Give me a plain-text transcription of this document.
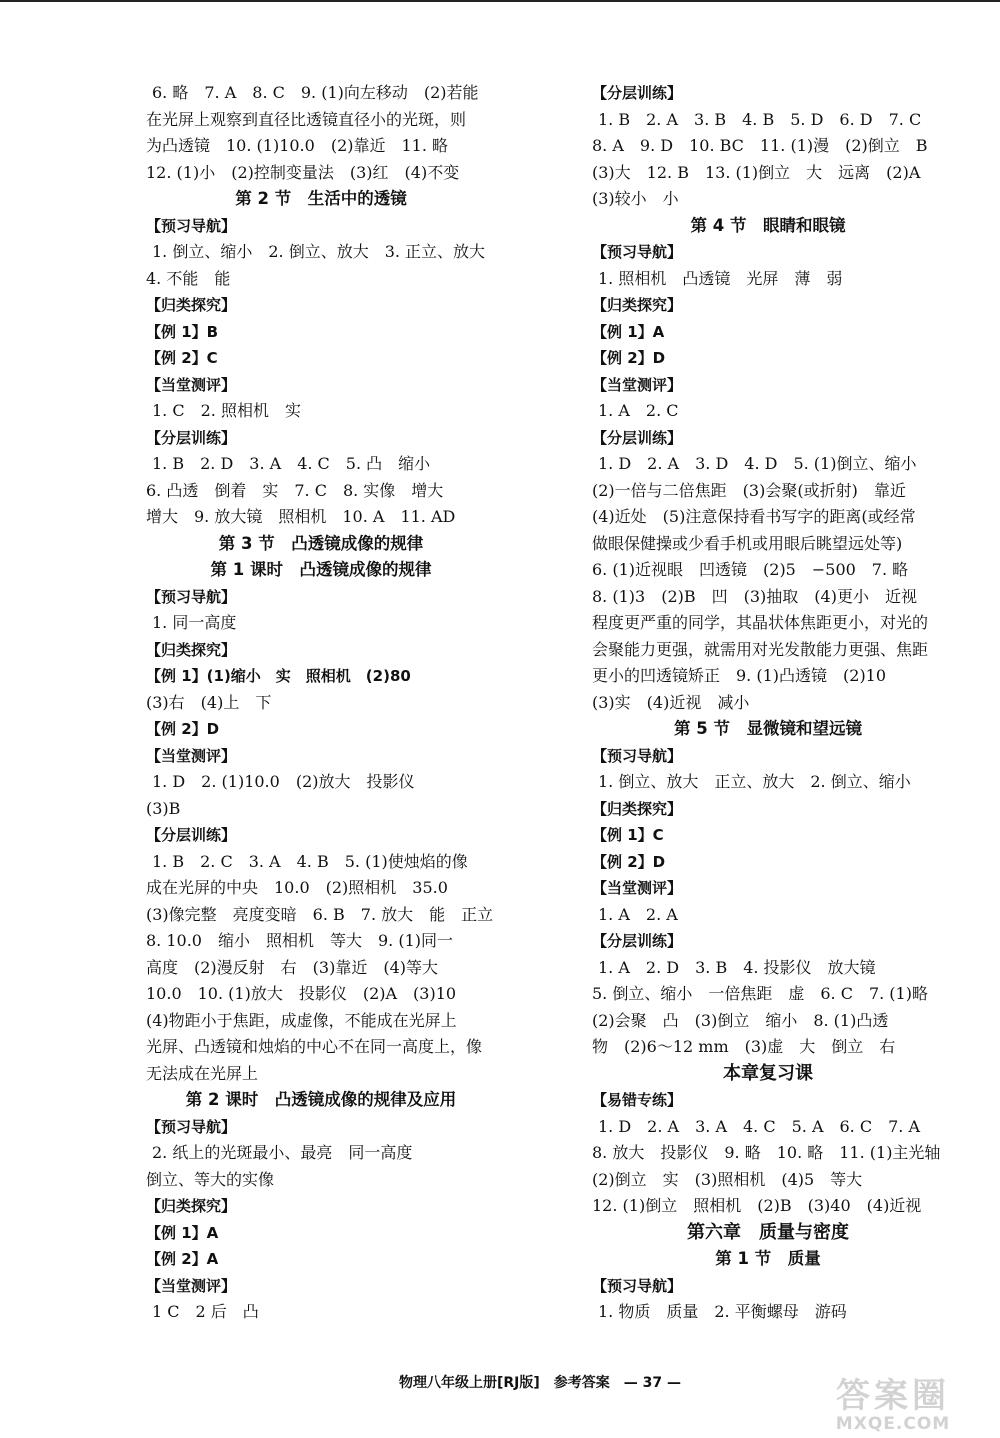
6. 略　7. A　8. C　9. (1)向左移动　(2)若能
在光屏上观察到直径比透镜直径小的光斑，则
为凸透镜　10. (1)10.0　(2)靠近　11. 略
12. (1)小　(2)控制变量法　(3)红　(4)不变
第 2 节　生活中的透镜
【预习导航】
1. 倒立、缩小　2. 倒立、放大　3. 正立、放大
4. 不能　能
【归类探究】
【例 1】B
【例 2】C
【当堂测评】
1. C　2. 照相机　实
【分层训练】
1. B　2. D　3. A　4. C　5. 凸　缩小
6. 凸透　倒着　实　7. C　8. 实像　增大
增大　9. 放大镜　照相机　10. A　11. AD
第 3 节　凸透镜成像的规律
第 1 课时　凸透镜成像的规律
【预习导航】
1. 同一高度
【归类探究】
【例 1】(1)缩小　实　照相机　(2)80
(3)右　(4)上　下
【例 2】D
【当堂测评】
1. D　2. (1)10.0　(2)放大　投影仪
(3)B
【分层训练】
1. B　2. C　3. A　4. B　5. (1)使烛焰的像
成在光屏的中央　10.0　(2)照相机　35.0
(3)像完整　亮度变暗　6. B　7. 放大　能　正立
8. 10.0　缩小　照相机　等大　9. (1)同一
高度　(2)漫反射　右　(3)靠近　(4)等大
10.0　10. (1)放大　投影仪　(2)A　(3)10
(4)物距小于焦距，成虚像，不能成在光屏上
光屏、凸透镜和烛焰的中心不在同一高度上，像
无法成在光屏上
第 2 课时　凸透镜成像的规律及应用
【预习导航】
2. 纸上的光斑最小、最亮　同一高度
倒立、等大的实像
【归类探究】
【例 1】A
【例 2】A
【当堂测评】
1 C　2 后　凸
【分层训练】
1. B　2. A　3. B　4. B　5. D　6. D　7. C
8. A　9. D　10. BC　11. (1)漫　(2)倒立　B
(3)大　12. B　13. (1)倒立　大　远离　(2)A
(3)较小　小
第 4 节　眼睛和眼镜
【预习导航】
1. 照相机　凸透镜　光屏　薄　弱
【归类探究】
【例 1】A
【例 2】D
【当堂测评】
1. A　2. C
【分层训练】
1. D　2. A　3. D　4. D　5. (1)倒立、缩小
(2)一倍与二倍焦距　(3)会聚(或折射)　靠近
(4)近处　(5)注意保持看书写字的距离(或经常
做眼保健操或少看手机或用眼后眺望远处等)
6. (1)近视眼　凹透镜　(2)5　−500　7. 略
8. (1)3　(2)B　凹　(3)抽取　(4)更小　近视
程度更严重的同学，其晶状体焦距更小，对光的
会聚能力更强，就需用对光发散能力更强、焦距
更小的凹透镜矫正　9. (1)凸透镜　(2)10
(3)实　(4)近视　减小
第 5 节　显微镜和望远镜
【预习导航】
1. 倒立、放大　正立、放大　2. 倒立、缩小
【归类探究】
【例 1】C
【例 2】D
【当堂测评】
1. A　2. A
【分层训练】
1. A　2. D　3. B　4. 投影仪　放大镜
5. 倒立、缩小　一倍焦距　虚　6. C　7. (1)略
(2)会聚　凸　(3)倒立　缩小　8. (1)凸透
物　(2)6～12 mm　(3)虚　大　倒立　右
本章复习课
【易错专练】
1. D　2. A　3. A　4. C　5. A　6. C　7. A
8. 放大　投影仪　9. 略　10. 略　11. (1)主光轴
(2)倒立　实　(3)照相机　(4)5　等大
12. (1)倒立　照相机　(2)B　(3)40　(4)近视
第六章　质量与密度
第 1 节　质量
【预习导航】
1. 物质　质量　2. 平衡螺母　游码
物理八年级上册[RJ版]　参考答案　— 37 —	答案圈
MXQE.COM
